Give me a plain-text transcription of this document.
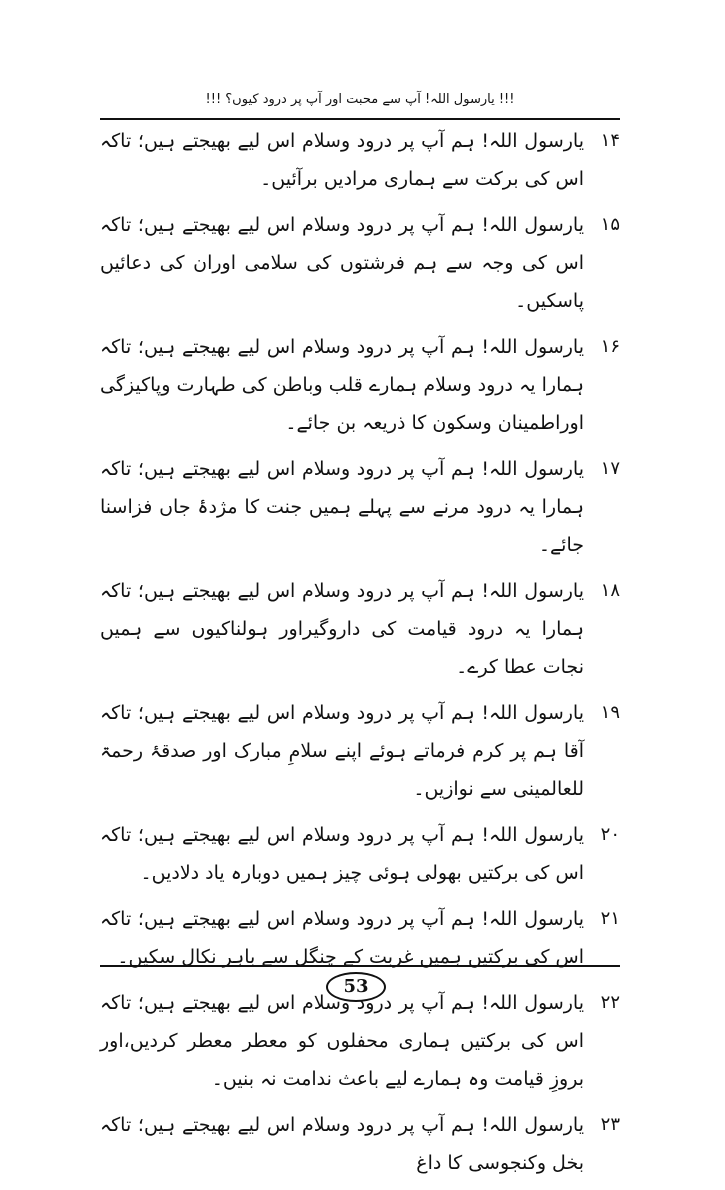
!!! یارسول اللہ! آپ سے محبت اور آپ پر درود کیوں؟ !!!
۱۴
یارسول اللہ! ہم آپ پر درود وسلام اس لیے بھیجتے ہیں؛ تاکہ اس کی برکت سے ہماری مرادیں برآئیں۔
۱۵
یارسول اللہ! ہم آپ پر درود وسلام اس لیے بھیجتے ہیں؛ تاکہ اس کی وجہ سے ہم فرشتوں کی سلامی اوران کی دعائیں پاسکیں۔
۱۶
یارسول اللہ! ہم آپ پر درود وسلام اس لیے بھیجتے ہیں؛ تاکہ ہمارا یہ درود وسلام ہمارے قلب وباطن کی طہارت وپاکیزگی اوراطمینان وسکون کا ذریعہ بن جائے۔
۱۷
یارسول اللہ! ہم آپ پر درود وسلام اس لیے بھیجتے ہیں؛ تاکہ ہمارا یہ درود مرنے سے پہلے ہمیں جنت کا مژدۂ جاں فزاسنا جائے۔
۱۸
یارسول اللہ! ہم آپ پر درود وسلام اس لیے بھیجتے ہیں؛ تاکہ ہمارا یہ درود قیامت کی داروگیراور ہولناکیوں سے ہمیں نجات عطا کرے۔
۱۹
یارسول اللہ! ہم آپ پر درود وسلام اس لیے بھیجتے ہیں؛ تاکہ آقا ہم پر کرم فرماتے ہوئے اپنے سلامِ مبارک اور صدقۂ رحمۃ للعالمینی سے نوازیں۔
۲۰
یارسول اللہ! ہم آپ پر درود وسلام اس لیے بھیجتے ہیں؛ تاکہ اس کی برکتیں بھولی ہوئی چیز ہمیں دوبارہ یاد دلادیں۔
۲۱
یارسول اللہ! ہم آپ پر درود وسلام اس لیے بھیجتے ہیں؛ تاکہ اس کی برکتیں ہمیں غربت کے چنگل سے باہر نکال سکیں۔
۲۲
یارسول اللہ! ہم آپ پر درود وسلام اس لیے بھیجتے ہیں؛ تاکہ اس کی برکتیں ہماری محفلوں کو معطر معطر کردیں،اور بروزِ قیامت وہ ہمارے لیے باعث ندامت نہ بنیں۔
۲۳
یارسول اللہ! ہم آپ پر درود وسلام اس لیے بھیجتے ہیں؛ تاکہ بخل وکنجوسی کا داغ
53
